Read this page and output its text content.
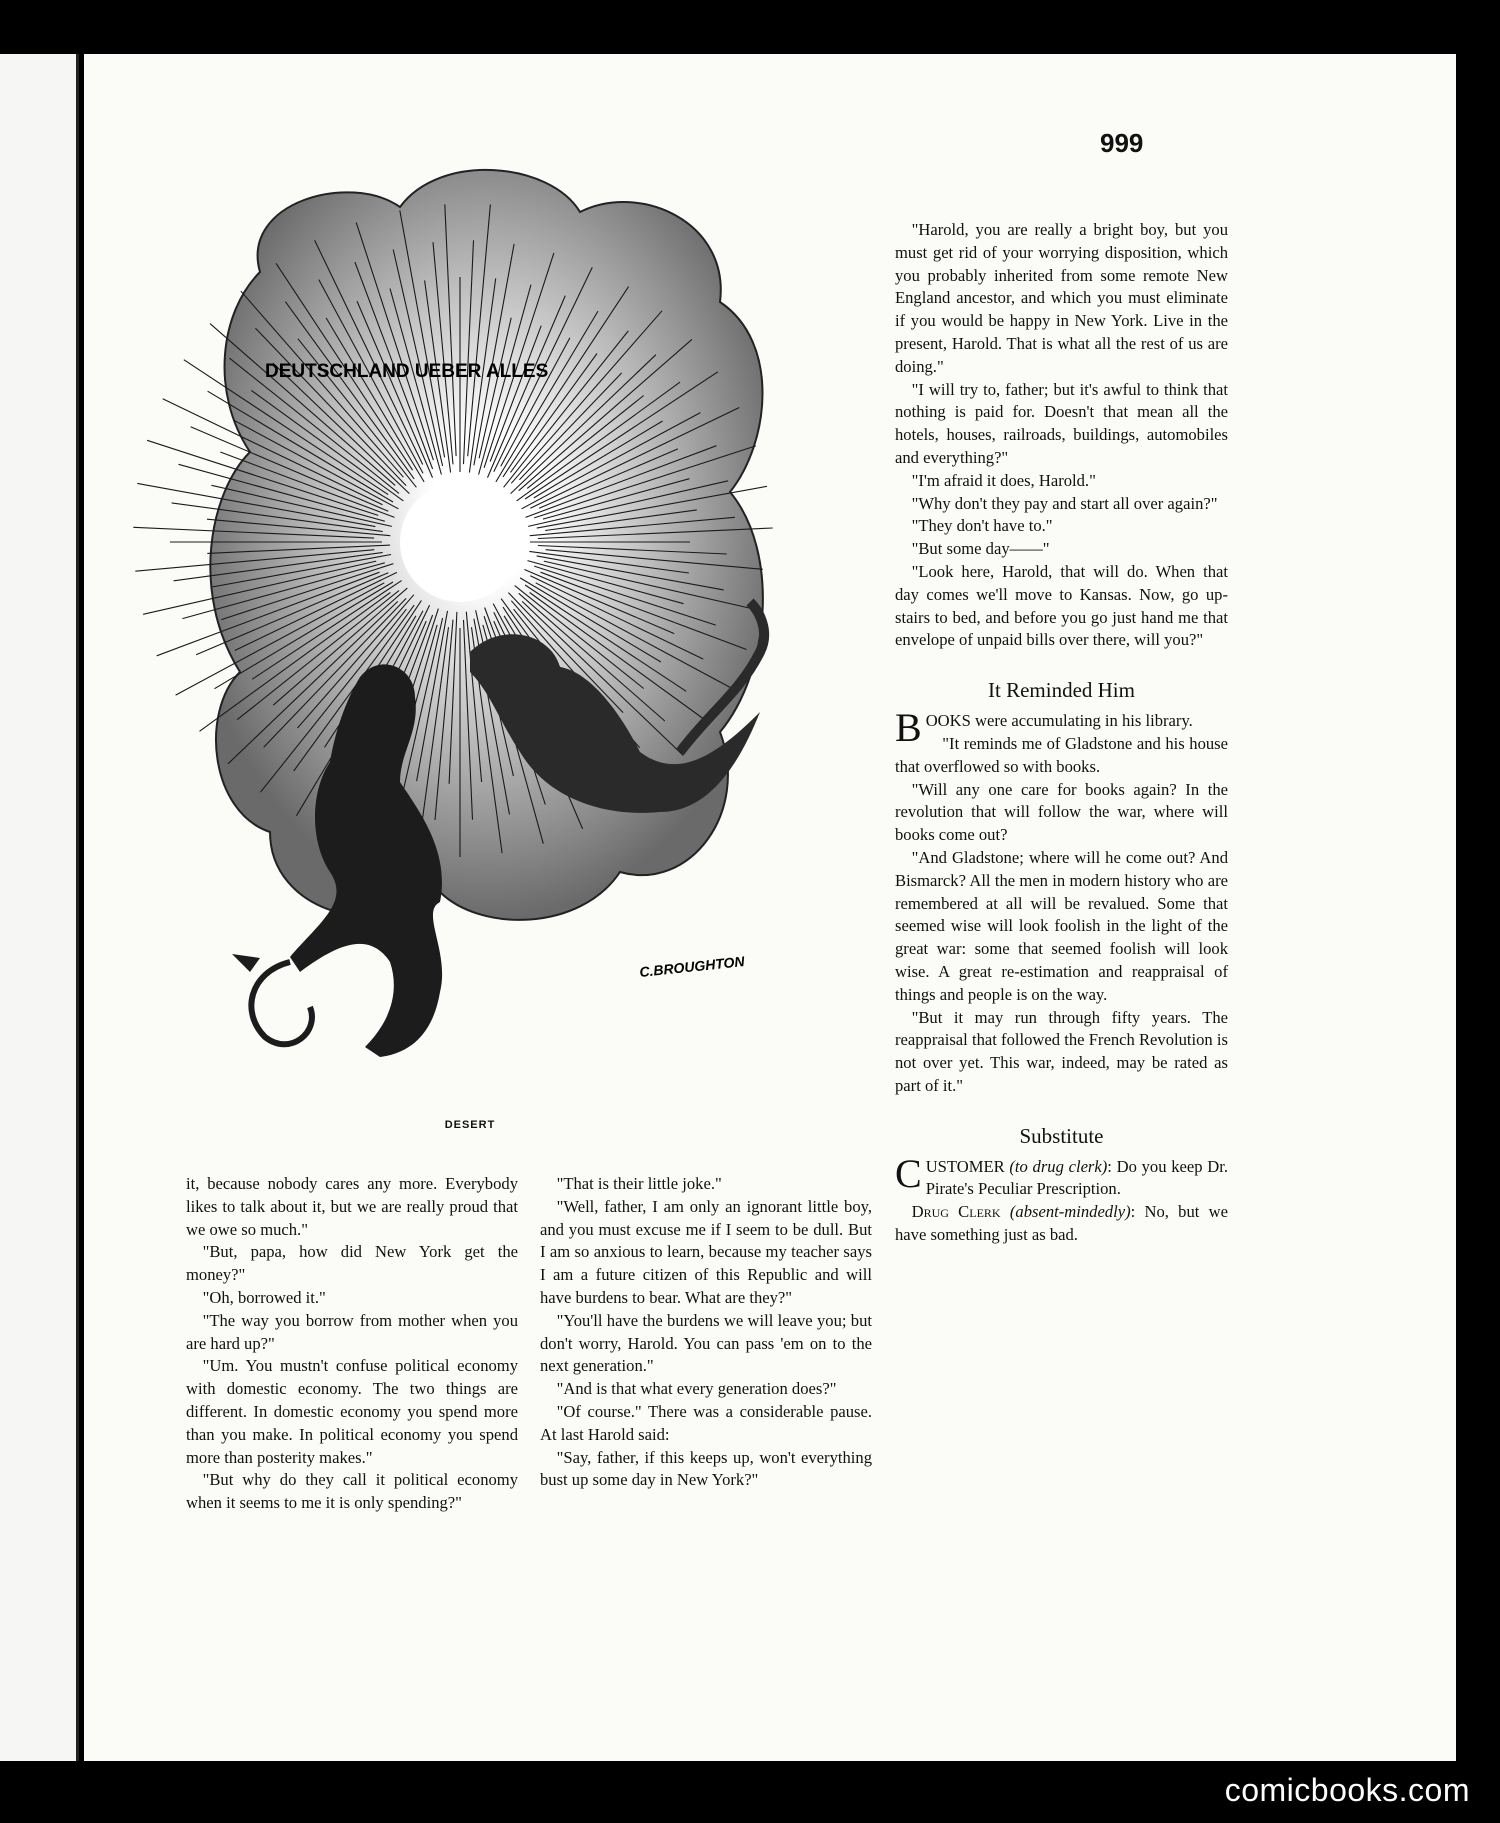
999
DEUTSCHLAND UEBER ALLES
C.BROUGHTON
DESERT

it, because nobody cares any more. Everybody likes to talk about it, but we are really proud that we owe so much."

"But, papa, how did New York get the money?"

"Oh, borrowed it."

"The way you borrow from mother when you are hard up?"

"Um. You mustn't confuse political economy with domestic economy. The two things are different. In domestic economy you spend more than you make. In political economy you spend more than posterity makes."

"But why do they call it political economy when it seems to me it is only spending?"

"That is their little joke."

"Well, father, I am only an ignorant little boy, and you must excuse me if I seem to be dull. But I am so anxious to learn, because my teacher says I am a future citizen of this Republic and will have burdens to bear. What are they?"

"You'll have the burdens we will leave you; but don't worry, Harold. You can pass 'em on to the next generation."

"And is that what every generation does?"

"Of course." There was a considerable pause. At last Harold said:

"Say, father, if this keeps up, won't everything bust up some day in New York?"

"Harold, you are really a bright boy, but you must get rid of your worrying disposition, which you probably inherited from some remote New England ancestor, and which you must eliminate if you would be happy in New York. Live in the present, Harold. That is what all the rest of us are doing."

"I will try to, father; but it's awful to think that nothing is paid for. Doesn't that mean all the hotels, houses, railroads, buildings, automobiles and everything?"

"I'm afraid it does, Harold."

"Why don't they pay and start all over again?"

"They don't have to."

"But some day——"

"Look here, Harold, that will do. When that day comes we'll move to Kansas. Now, go up-stairs to bed, and before you go just hand me that envelope of unpaid bills over there, will you?"

It Reminded Him

BOOKS were accumulating in his library.

"It reminds me of Gladstone and his house that overflowed so with books.

"Will any one care for books again? In the revolution that will follow the war, where will books come out?

"And Gladstone; where will he come out? And Bismarck? All the men in modern history who are remembered at all will be revalued. Some that seemed wise will look foolish in the light of the great war: some that seemed foolish will look wise. A great re-estimation and reappraisal of things and people is on the way.

"But it may run through fifty years. The reappraisal that followed the French Revolution is not over yet. This war, indeed, may be rated as part of it."

Substitute

CUSTOMER (to drug clerk): Do you keep Dr. Pirate's Peculiar Prescription.

Drug Clerk (absent-mindedly): No, but we have something just as bad.

comicbooks.com
